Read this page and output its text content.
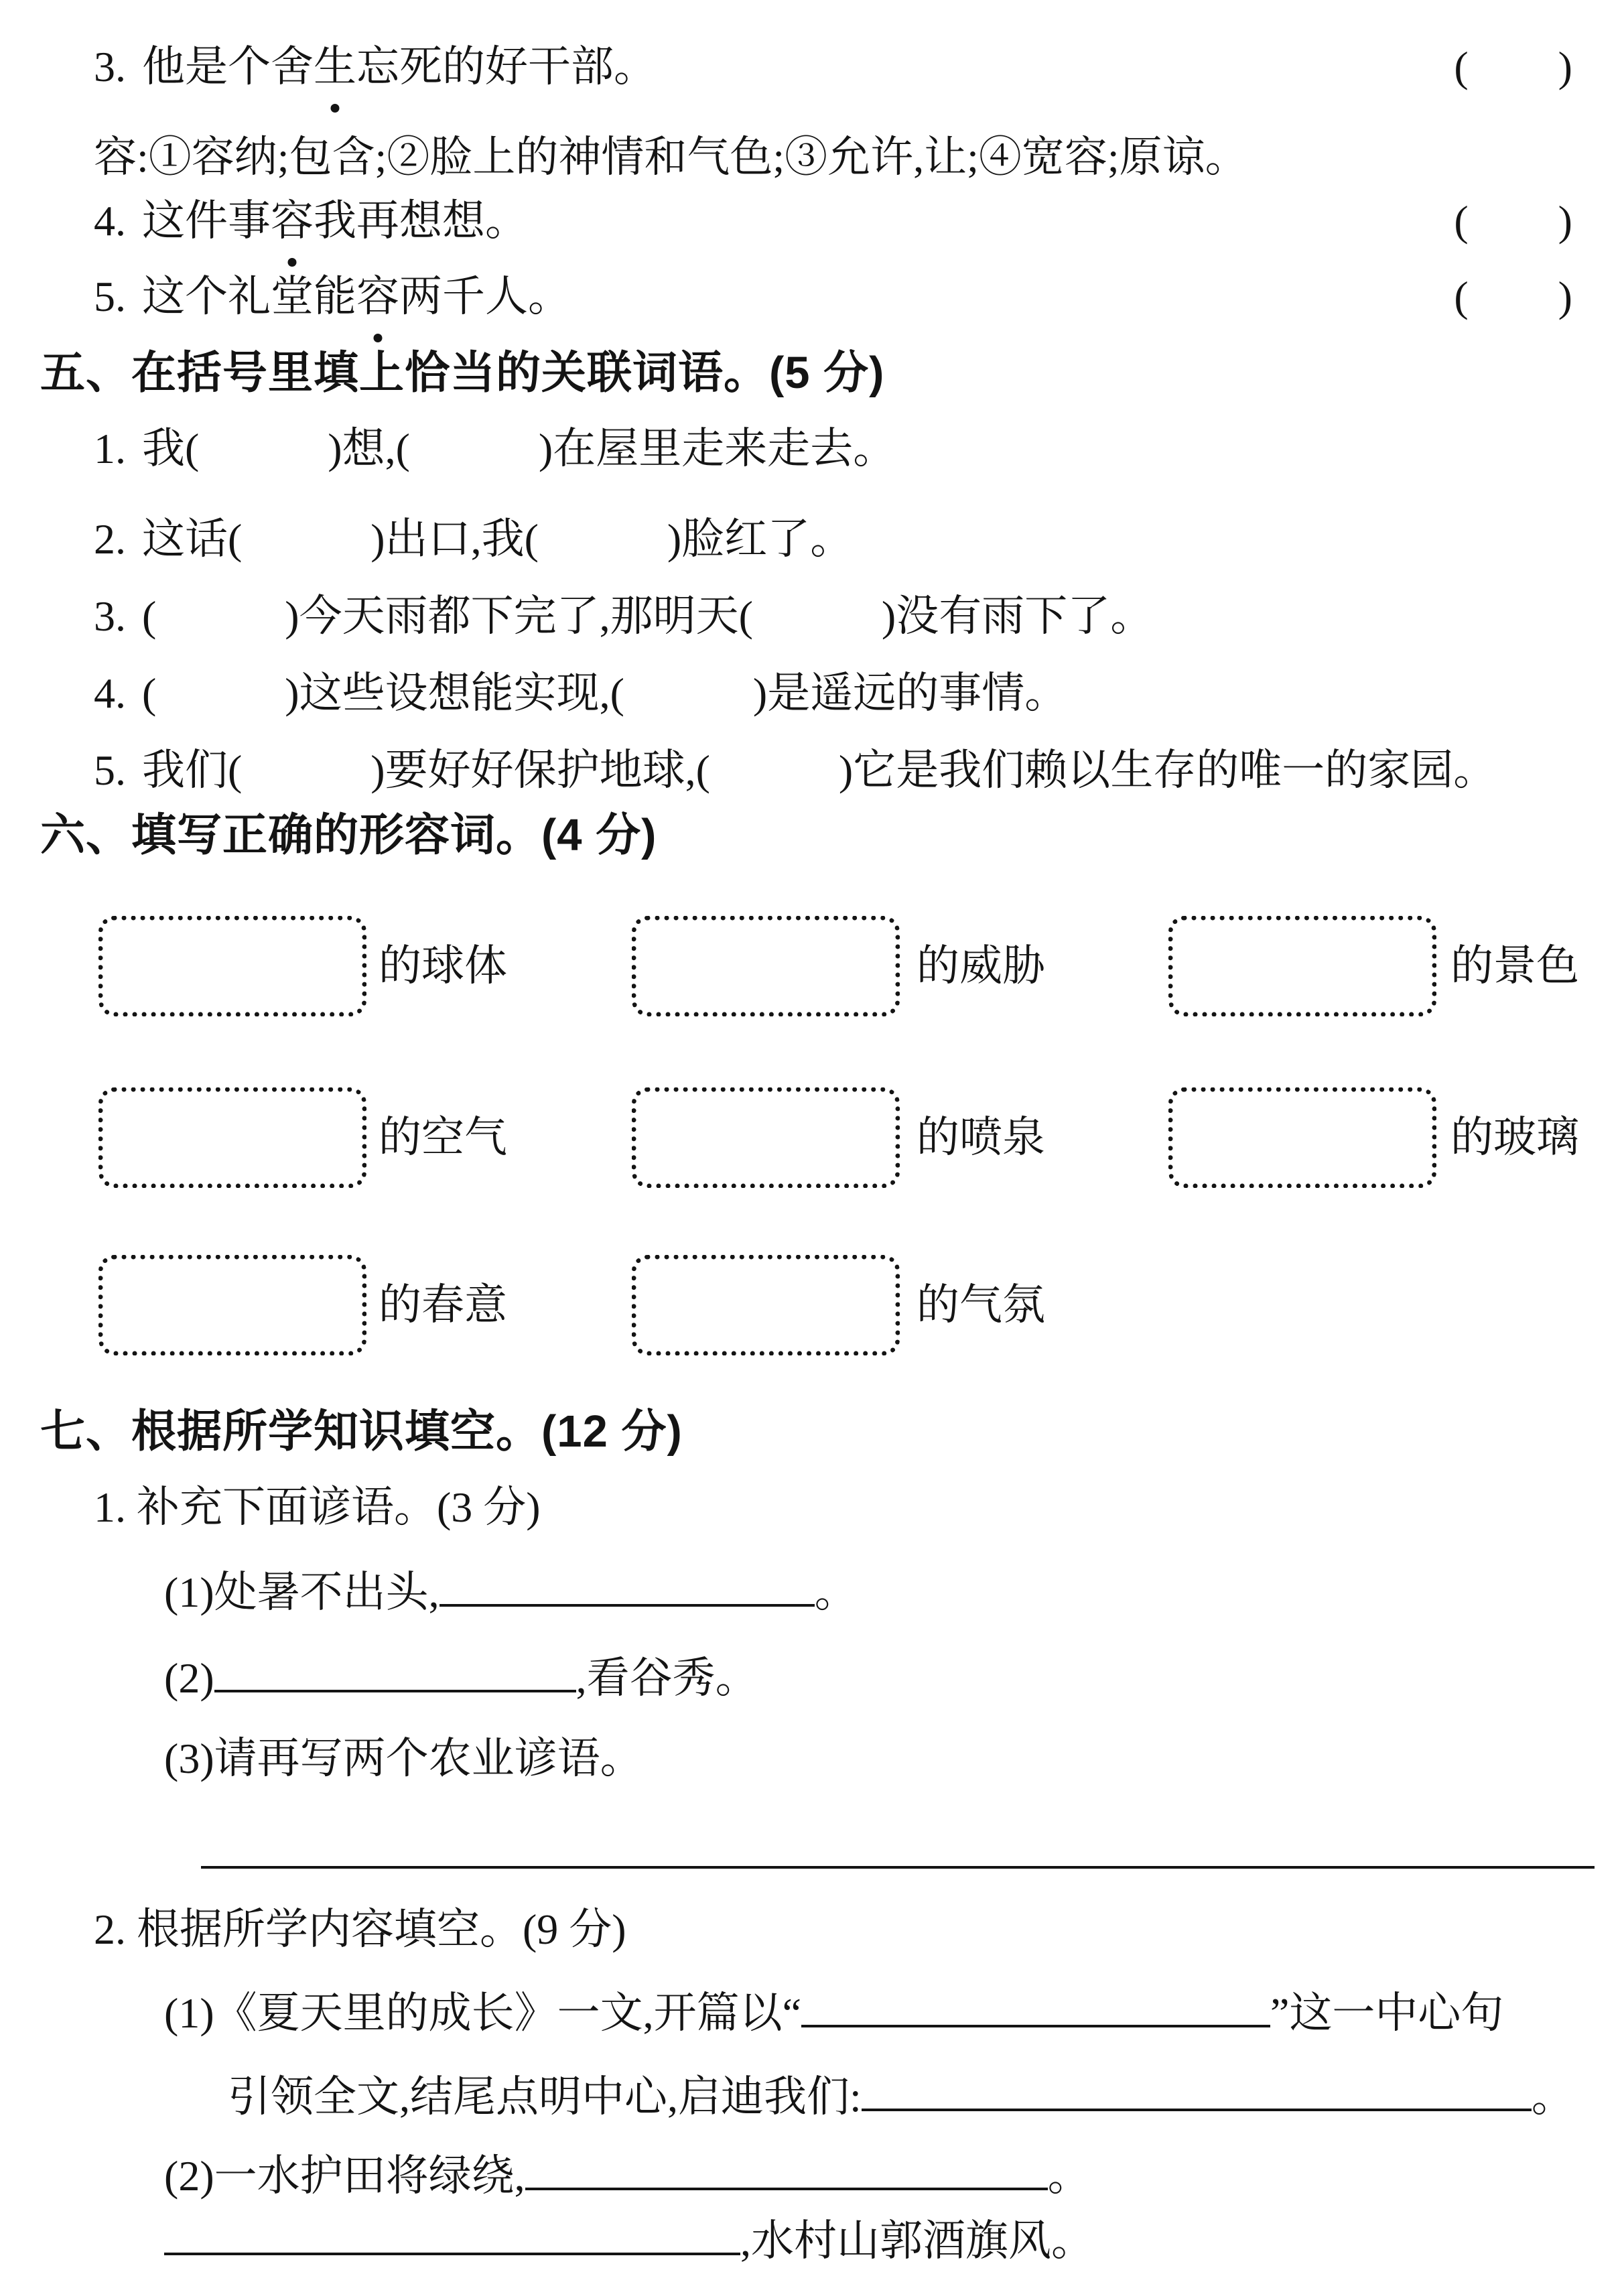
3. 他是个舍生忘死的好干部。	(　　)
容:①容纳;包含;②脸上的神情和气色;③允许,让;④宽容;原谅。
4. 这件事容我再想想。	(　　)
5. 这个礼堂能容两千人。	(　　)
五、在括号里填上恰当的关联词语。(5 分)
1. 我(　　　)想,(　　　)在屋里走来走去。
2. 这话(　　　)出口,我(　　　)脸红了。
3. (　　　)今天雨都下完了,那明天(　　　)没有雨下了。
4. (　　　)这些设想能实现,(　　　)是遥远的事情。
5. 我们(　　　)要好好保护地球,(　　　)它是我们赖以生存的唯一的家园。
六、填写正确的形容词。(4 分)
的球体	的威胁	的景色
的空气	的喷泉	的玻璃
的春意	的气氛
七、根据所学知识填空。(12 分)
1. 补充下面谚语。(3 分)
(1)处暑不出头,	。
(2)	,看谷秀。
(3)请再写两个农业谚语。
2. 根据所学内容填空。(9 分)
(1)《夏天里的成长》一文,开篇以“	”这一中心句
引领全文,结尾点明中心,启迪我们:	。
(2)一水护田将绿绕,	。
,水村山郭酒旗风。
